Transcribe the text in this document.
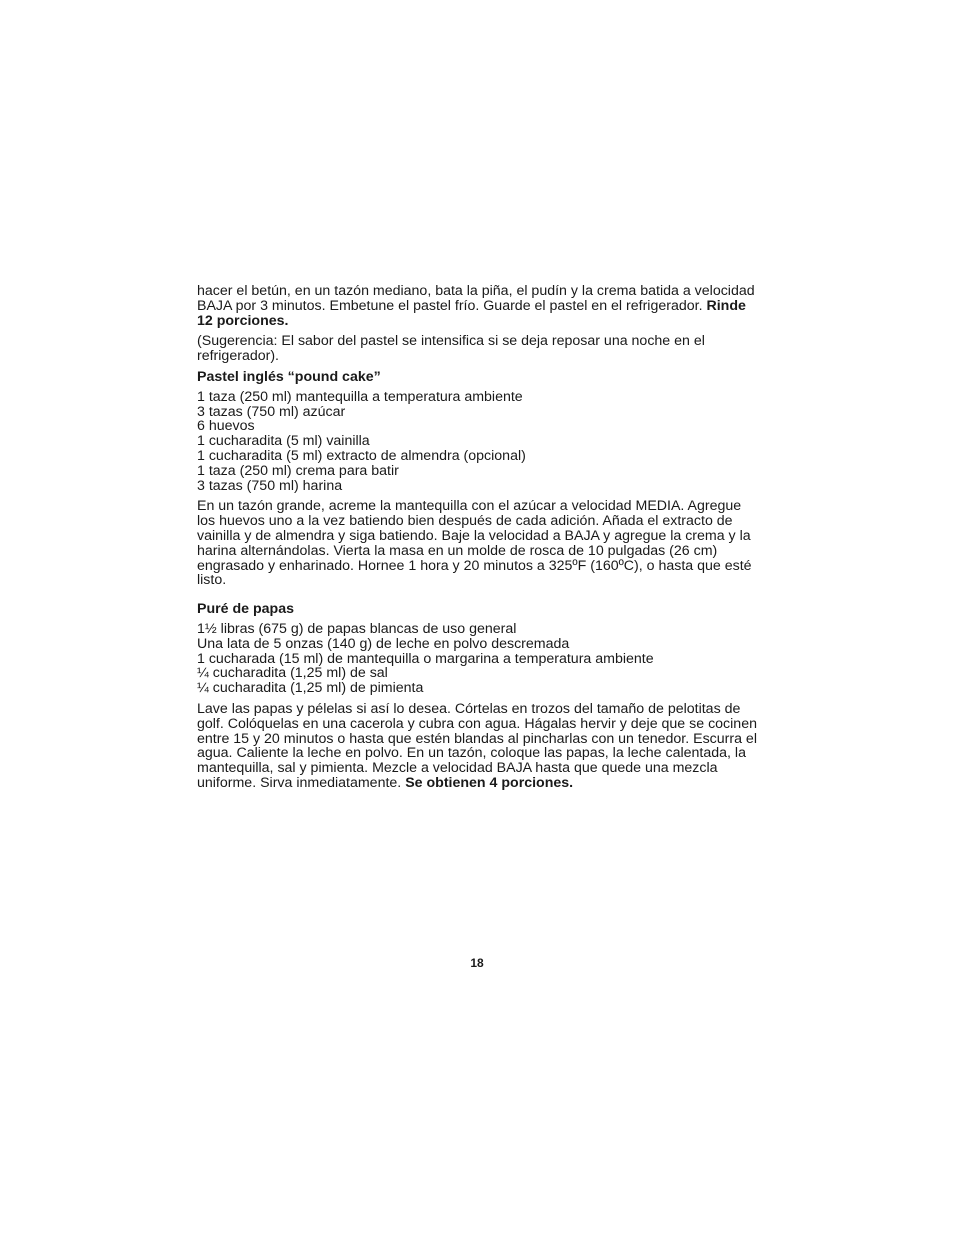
hacer el betún, en un tazón mediano, bata la piña, el pudín y la crema batida a velocidad BAJA por 3 minutos. Embetune el pastel frío. Guarde el pastel en el refrigerador. Rinde 12 porciones.

(Sugerencia: El sabor del pastel se intensifica si se deja reposar una noche en el refrigerador).

Pastel inglés “pound cake”
1 taza (250 ml) mantequilla a temperatura ambiente
3 tazas (750 ml) azúcar
6 huevos
1 cucharadita (5 ml) vainilla
1 cucharadita (5 ml) extracto de almendra (opcional)
1 taza (250 ml) crema para batir
3 tazas (750 ml) harina

En un tazón grande, acreme la mantequilla con el azúcar a velocidad MEDIA. Agregue los huevos uno a la vez batiendo bien después de cada adición. Añada el extracto de vainilla y de almendra y siga batiendo. Baje la velocidad a BAJA y agregue la crema y la harina alternándolas. Vierta la masa en un molde de rosca de 10 pulgadas (26 cm) engrasado y enharinado. Hornee 1 hora y 20 minutos a 325ºF (160ºC), o hasta que esté listo.

Puré de papas
1½ libras (675 g) de papas blancas de uso general
Una lata de 5 onzas (140 g) de leche en polvo descremada
1 cucharada (15 ml) de mantequilla o margarina a temperatura ambiente
¼ cucharadita (1,25 ml) de sal
¼ cucharadita (1,25 ml) de pimienta

Lave las papas y pélelas si así lo desea. Córtelas en trozos del tamaño de pelotitas de golf. Colóquelas en una cacerola y cubra con agua. Hágalas hervir y deje que se cocinen entre 15 y 20 minutos o hasta que estén blandas al pincharlas con un tenedor. Escurra el agua. Caliente la leche en polvo. En un tazón, coloque las papas, la leche calentada, la mantequilla, sal y pimienta. Mezcle a velocidad BAJA hasta que quede una mezcla uniforme. Sirva inmediatamente. Se obtienen 4 porciones.

18
